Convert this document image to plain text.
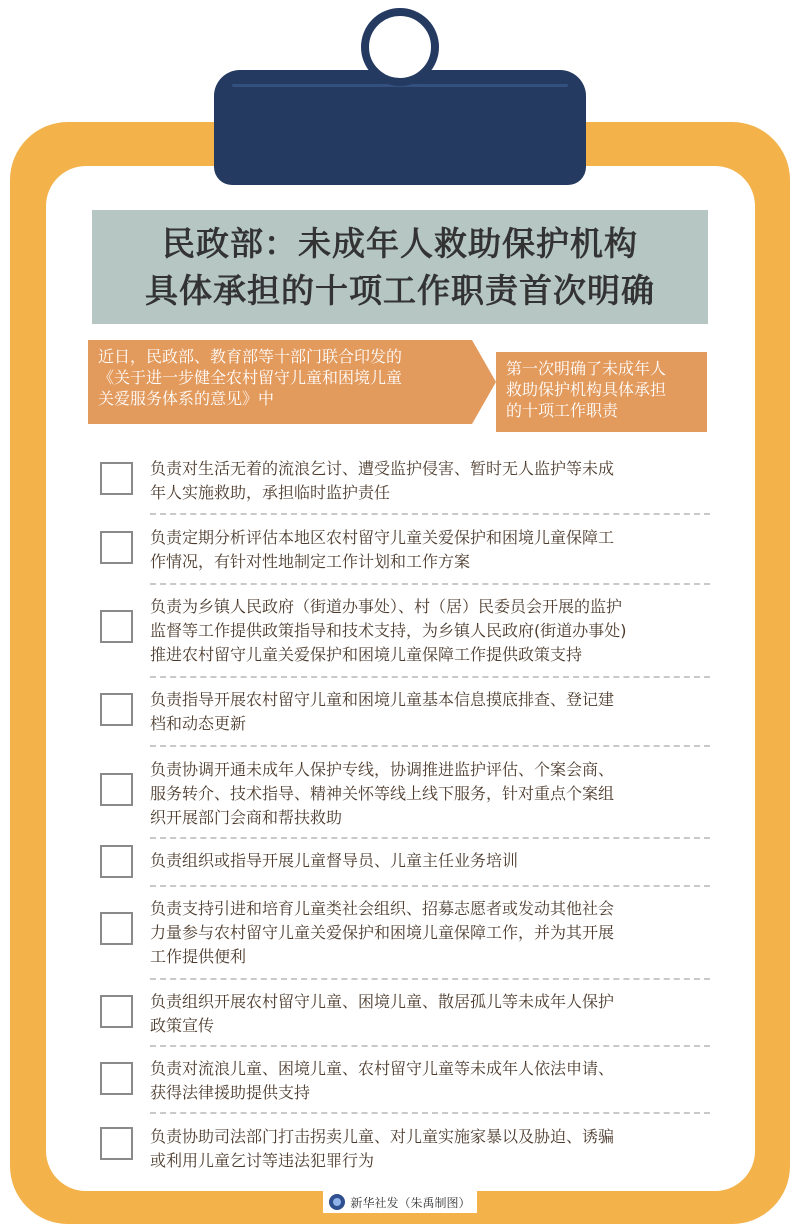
民政部：未成年人救助保护机构
具体承担的十项工作职责首次明确
近日，民政部、教育部等十部门联合印发的
《关于进一步健全农村留守儿童和困境儿童
关爱服务体系的意见》中
第一次明确了未成年人
救助保护机构具体承担
的十项工作职责
负责对生活无着的流浪乞讨、遭受监护侵害、暂时无人监护等未成
年人实施救助，承担临时监护责任
负责定期分析评估本地区农村留守儿童关爱保护和困境儿童保障工
作情况，有针对性地制定工作计划和工作方案
负责为乡镇人民政府（街道办事处）、村（居）民委员会开展的监护
监督等工作提供政策指导和技术支持，为乡镇人民政府(街道办事处)
推进农村留守儿童关爱保护和困境儿童保障工作提供政策支持
负责指导开展农村留守儿童和困境儿童基本信息摸底排查、登记建
档和动态更新
负责协调开通未成年人保护专线，协调推进监护评估、个案会商、
服务转介、技术指导、精神关怀等线上线下服务，针对重点个案组
织开展部门会商和帮扶救助
负责组织或指导开展儿童督导员、儿童主任业务培训
负责支持引进和培育儿童类社会组织、招募志愿者或发动其他社会
力量参与农村留守儿童关爱保护和困境儿童保障工作，并为其开展
工作提供便利
负责组织开展农村留守儿童、困境儿童、散居孤儿等未成年人保护
政策宣传
负责对流浪儿童、困境儿童、农村留守儿童等未成年人依法申请、
获得法律援助提供支持
负责协助司法部门打击拐卖儿童、对儿童实施家暴以及胁迫、诱骗
或利用儿童乞讨等违法犯罪行为
新华社发（朱禹制图）
